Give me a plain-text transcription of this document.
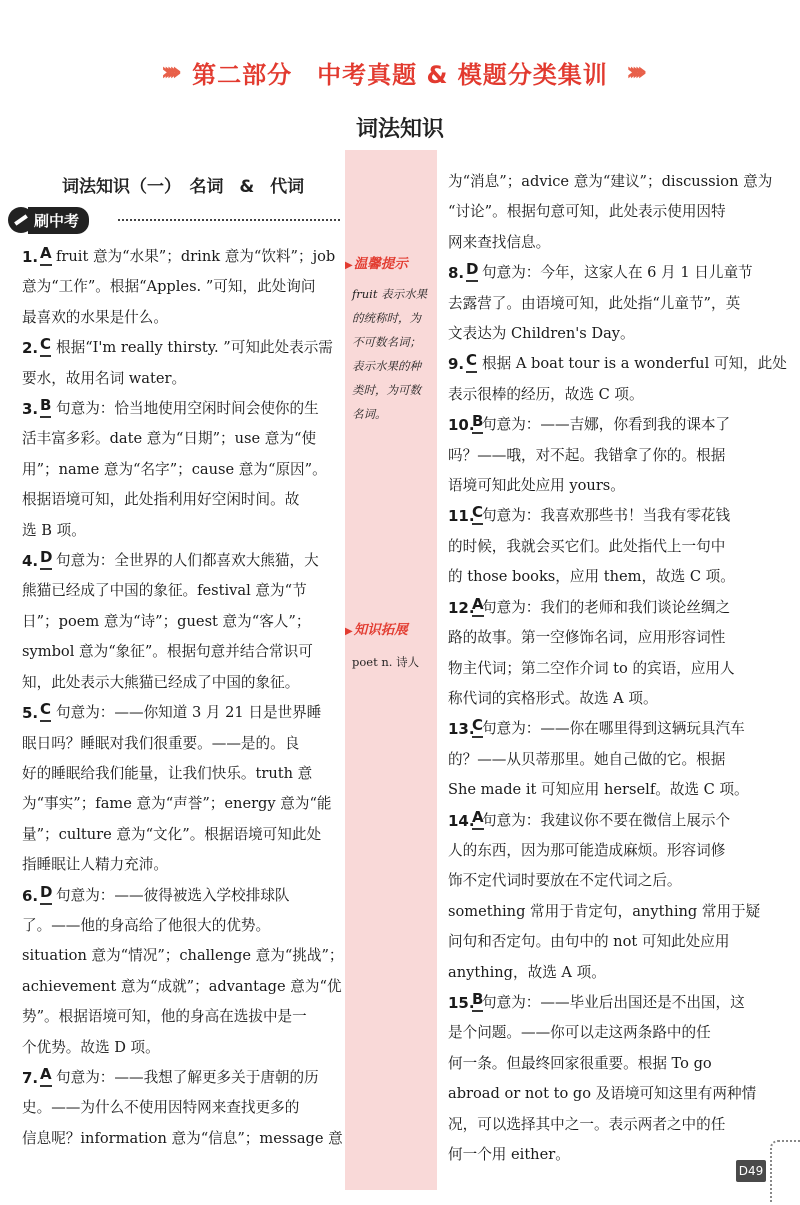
› › › › › 第二部分　中考真题 & 模题分类集训 › › › › ›
词法知识
词法知识（一）　名词 & 代词
刷中考
▶ 温馨提示
fruit 表示水果
的统称时，为
不可数名词；
表示水果的种
类时，为可数
名词。
▶ 知识拓展
poet n. 诗人
1. A fruit 意为“水果”；drink 意为“饮料”；job
意为“工作”。根据“Apples. ”可知，此处询问
最喜欢的水果是什么。
2. C 根据“I'm really thirsty. ”可知此处表示需
要水，故用名词 water。
3. B 句意为：恰当地使用空闲时间会使你的生
活丰富多彩。date 意为“日期”；use 意为“使
用”；name 意为“名字”；cause 意为“原因”。
根据语境可知，此处指利用好空闲时间。故
选 B 项。
4. D 句意为：全世界的人们都喜欢大熊猫，大
熊猫已经成了中国的象征。festival 意为“节
日”；poem 意为“诗”；guest 意为“客人”；
symbol 意为“象征”。根据句意并结合常识可
知，此处表示大熊猫已经成了中国的象征。
5. C 句意为：——你知道 3 月 21 日是世界睡
眠日吗？睡眠对我们很重要。——是的。良
好的睡眠给我们能量，让我们快乐。truth 意
为“事实”；fame 意为“声誉”；energy 意为“能
量”；culture 意为“文化”。根据语境可知此处
指睡眠让人精力充沛。
6. D 句意为：——彼得被选入学校排球队
了。——他的身高给了他很大的优势。
situation 意为“情况”；challenge 意为“挑战”；
achievement 意为“成就”；advantage 意为“优
势”。根据语境可知，他的身高在选拔中是一
个优势。故选 D 项。
7. A 句意为：——我想了解更多关于唐朝的历
史。——为什么不使用因特网来查找更多的
信息呢？information 意为“信息”；message 意
为“消息”；advice 意为“建议”；discussion 意为
“讨论”。根据句意可知，此处表示使用因特
网来查找信息。
8. D 句意为：今年，这家人在 6 月 1 日儿童节
去露营了。由语境可知，此处指“儿童节”，英
文表达为 Children's Day。
9. C 根据 A boat tour is a wonderful 可知，此处
表示很棒的经历，故选 C 项。
10.
B
句意为：——吉娜，你看到我的课本了
吗？——哦，对不起。我错拿了你的。根据
语境可知此处应用 yours。
11.
C
句意为：我喜欢那些书！当我有零花钱
的时候，我就会买它们。此处指代上一句中
的 those books，应用 them，故选 C 项。
12.
A
句意为：我们的老师和我们谈论丝绸之
路的故事。第一空修饰名词，应用形容词性
物主代词；第二空作介词 to 的宾语，应用人
称代词的宾格形式。故选 A 项。
13.
C
句意为：——你在哪里得到这辆玩具汽车
的？——从贝蒂那里。她自己做的它。根据
She made it 可知应用 herself。故选 C 项。
14.
A
句意为：我建议你不要在微信上展示个
人的东西，因为那可能造成麻烦。形容词修
饰不定代词时要放在不定代词之后。
something 常用于肯定句，anything 常用于疑
问句和否定句。由句中的 not 可知此处应用
anything，故选 A 项。
15.
B
句意为：——毕业后出国还是不出国，这
是个问题。——你可以走这两条路中的任
何一条。但最终回家很重要。根据 To go
abroad or not to go 及语境可知这里有两种情
况，可以选择其中之一。表示两者之中的任
何一个用 either。
D49
